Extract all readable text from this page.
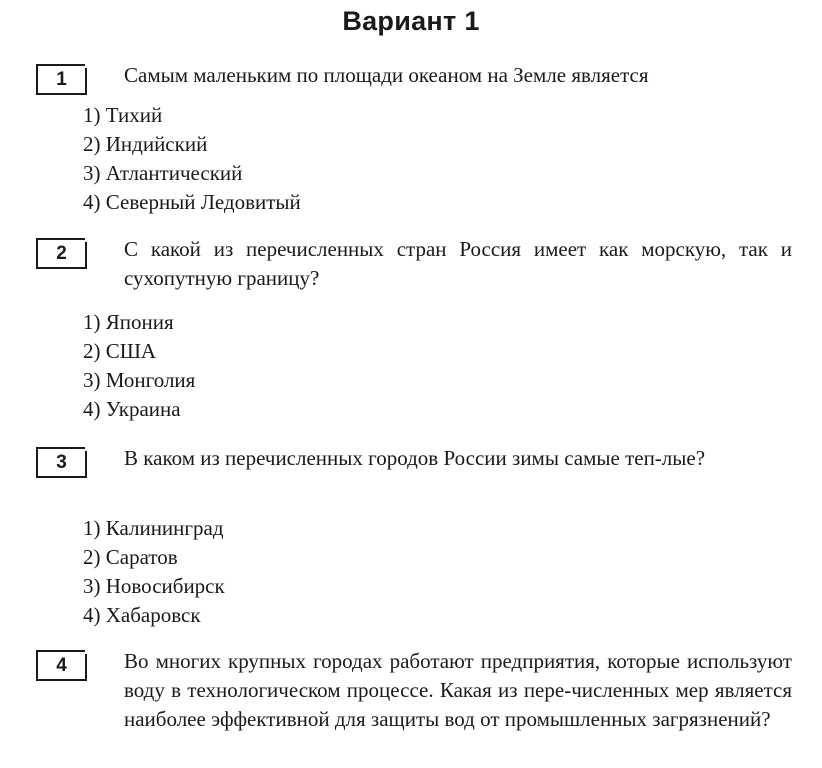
Вариант 1
1	Самым маленьким по площади океаном на Земле является
1) Тихий
2) Индийский
3) Атлантический
4) Северный Ледовитый
2	С какой из перечисленных стран Россия имеет как морскую, так и сухопутную границу?
1) Япония
2) США
3) Монголия
4) Украина
3	В каком из перечисленных городов России зимы самые теп-лые?
1) Калининград
2) Саратов
3) Новосибирск
4) Хабаровск
4	Во многих крупных городах работают предприятия, которые используют воду в технологическом процессе. Какая из пере-численных мер является наиболее эффективной для защиты вод от промышленных загрязнений?
